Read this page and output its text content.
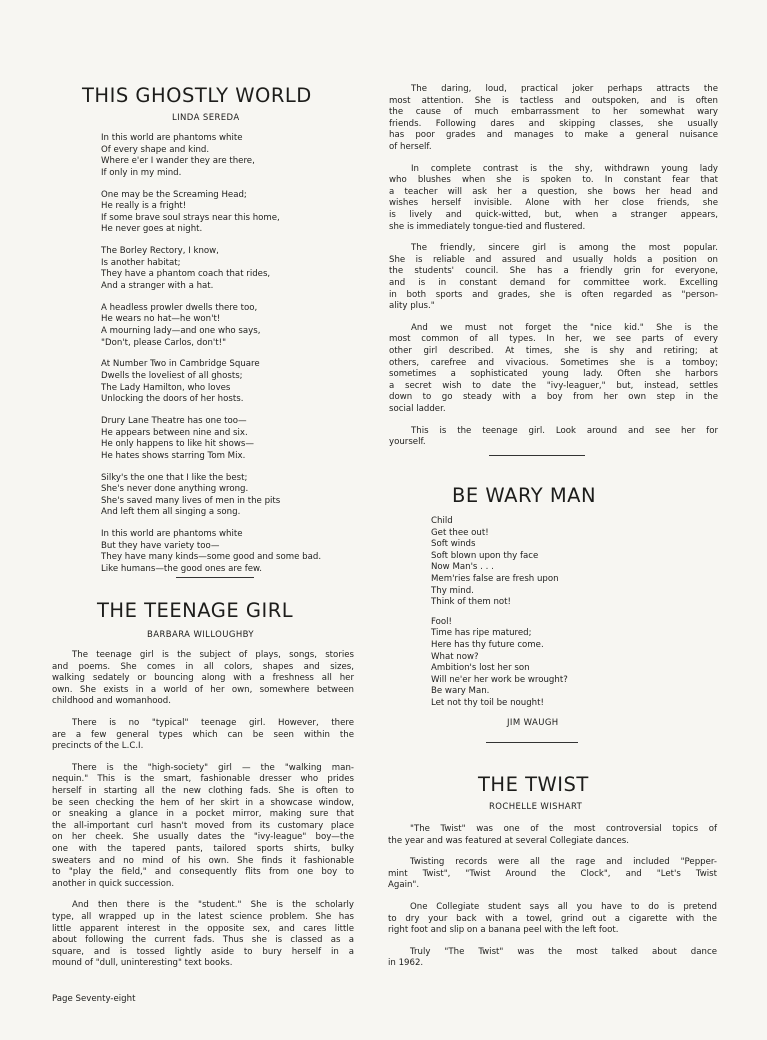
THIS GHOSTLY WORLD
LINDA SEREDA
In this world are phantoms white
Of every shape and kind.
Where e'er I wander they are there,
If only in my mind.
One may be the Screaming Head;
He really is a fright!
If some brave soul strays near this home,
He never goes at night.
The Borley Rectory, I know,
Is another habitat;
They have a phantom coach that rides,
And a stranger with a hat.
A headless prowler dwells there too,
He wears no hat—he won't!
A mourning lady—and one who says,
"Don't, please Carlos, don't!"
At Number Two in Cambridge Square
Dwells the loveliest of all ghosts;
The Lady Hamilton, who loves
Unlocking the doors of her hosts.
Drury Lane Theatre has one too—
He appears between nine and six.
He only happens to like hit shows—
He hates shows starring Tom Mix.
Silky's the one that I like the best;
She's never done anything wrong.
She's saved many lives of men in the pits
And left them all singing a song.
In this world are phantoms white
But they have variety too—
They have many kinds—some good and some bad.
Like humans—the good ones are few.
THE TEENAGE GIRL
BARBARA WILLOUGHBY
The teenage girl is the subject of plays, songs, stories
and poems. She comes in all colors, shapes and sizes,
walking sedately or bouncing along with a freshness all her
own. She exists in a world of her own, somewhere between
childhood and womanhood.
There is no "typical" teenage girl. However, there
are a few general types which can be seen within the
precincts of the L.C.I.
There is the "high-society" girl — the "walking man-
nequin." This is the smart, fashionable dresser who prides
herself in starting all the new clothing fads. She is often to
be seen checking the hem of her skirt in a showcase window,
or sneaking a glance in a pocket mirror, making sure that
the all-important curl hasn't moved from its customary place
on her cheek. She usually dates the "ivy-league" boy—the
one with the tapered pants, tailored sports shirts, bulky
sweaters and no mind of his own. She finds it fashionable
to "play the field," and consequently flits from one boy to
another in quick succession.
And then there is the "student." She is the scholarly
type, all wrapped up in the latest science problem. She has
little apparent interest in the opposite sex, and cares little
about following the current fads. Thus she is classed as a
square, and is tossed lightly aside to bury herself in a
mound of "dull, uninteresting" text books.
Page Seventy-eight
The daring, loud, practical joker perhaps attracts the
most attention. She is tactless and outspoken, and is often
the cause of much embarrassment to her somewhat wary
friends. Following dares and skipping classes, she usually
has poor grades and manages to make a general nuisance
of herself.
In complete contrast is the shy, withdrawn young lady
who blushes when she is spoken to. In constant fear that
a teacher will ask her a question, she bows her head and
wishes herself invisible. Alone with her close friends, she
is lively and quick-witted, but, when a stranger appears,
she is immediately tongue-tied and flustered.
The friendly, sincere girl is among the most popular.
She is reliable and assured and usually holds a position on
the students' council. She has a friendly grin for everyone,
and is in constant demand for committee work. Excelling
in both sports and grades, she is often regarded as "person-
ality plus."
And we must not forget the "nice kid." She is the
most common of all types. In her, we see parts of every
other girl described. At times, she is shy and retiring; at
others, carefree and vivacious. Sometimes she is a tomboy;
sometimes a sophisticated young lady. Often she harbors
a secret wish to date the "ivy-leaguer," but, instead, settles
down to go steady with a boy from her own step in the
social ladder.
This is the teenage girl. Look around and see her for
yourself.
BE WARY MAN
Child
Get thee out!
Soft winds
Soft blown upon thy face
Now Man's . . .
Mem'ries false are fresh upon
Thy mind.
Think of them not!
Fool!
Time has ripe matured;
Here has thy future come.
What now?
Ambition's lost her son
Will ne'er her work be wrought?
Be wary Man.
Let not thy toil be nought!
JIM WAUGH
THE TWIST
ROCHELLE WISHART
"The Twist" was one of the most controversial topics of
the year and was featured at several Collegiate dances.
Twisting records were all the rage and included "Pepper-
mint Twist", "Twist Around the Clock", and "Let's Twist
Again".
One Collegiate student says all you have to do is pretend
to dry your back with a towel, grind out a cigarette with the
right foot and slip on a banana peel with the left foot.
Truly "The Twist" was the most talked about dance
in 1962.
